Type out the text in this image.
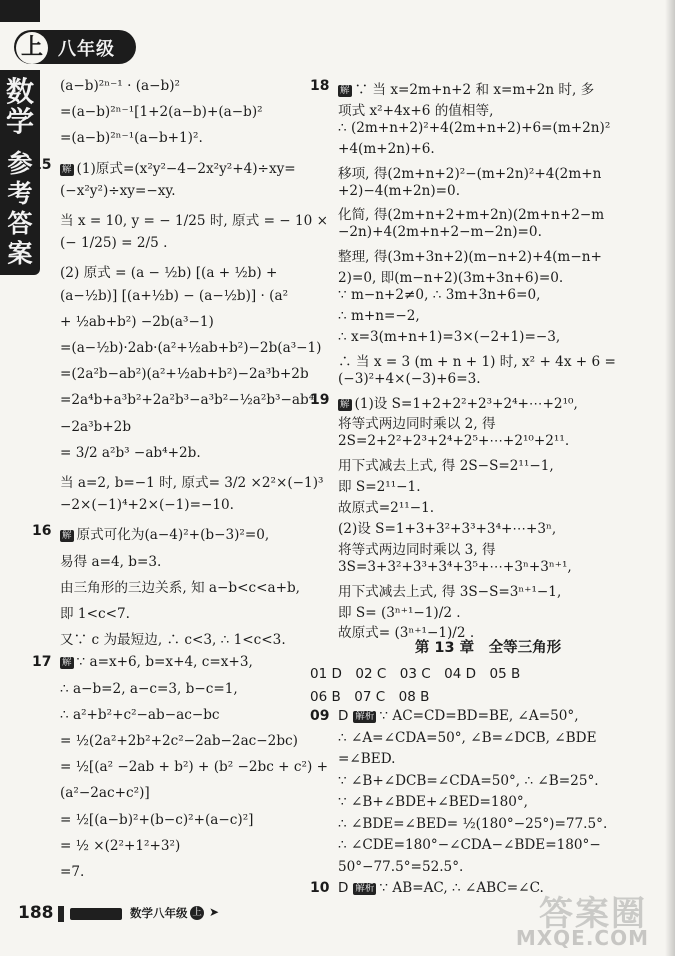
上 八年级
数
学
参
考
答
案
(a−b)²ⁿ⁻¹ · (a−b)²
=(a−b)²ⁿ⁻¹[1+2(a−b)+(a−b)²
=(a−b)²ⁿ⁻¹(a−b+1)².
15 解 (1)原式=(x²y²−4−2x²y²+4)÷xy=
(−x²y²)÷xy=−xy.
当 x = 10, y = − 1/25 时, 原式 = − 10 ×
(− 1/25) = 2/5 .
(2) 原式 = (a − ½b) [(a + ½b) +
(a−½b)] [(a+½b) − (a−½b)] · (a²
+ ½ab+b²) −2b(a³−1)
=(a−½b)·2ab·(a²+½ab+b²)−2b(a³−1)
=(2a²b−ab²)(a²+½ab+b²)−2a³b+2b
=2a⁴b+a³b²+2a²b³−a³b²−½a²b³−ab⁴
−2a³b+2b
= 3/2 a²b³ −ab⁴+2b.
当 a=2, b=−1 时, 原式= 3/2 ×2²×(−1)³
−2×(−1)⁴+2×(−1)=−10.
16 解 原式可化为(a−4)²+(b−3)²=0,
易得 a=4, b=3.
由三角形的三边关系, 知 a−b<c<a+b,
即 1<c<7.
又∵ c 为最短边, ∴ c<3, ∴ 1<c<3.
17 解 ∵ a=x+6, b=x+4, c=x+3,
∴ a−b=2, a−c=3, b−c=1,
∴ a²+b²+c²−ab−ac−bc
= ½(2a²+2b²+2c²−2ab−2ac−2bc)
= ½[(a² −2ab + b²) + (b² −2bc + c²) +
(a²−2ac+c²)]
= ½[(a−b)²+(b−c)²+(a−c)²]
= ½ ×(2²+1²+3²)
=7.
18 解 ∵ 当 x=2m+n+2 和 x=m+2n 时, 多
项式 x²+4x+6 的值相等,
∴ (2m+n+2)²+4(2m+n+2)+6=(m+2n)²
+4(m+2n)+6.
移项, 得(2m+n+2)²−(m+2n)²+4(2m+n
+2)−4(m+2n)=0.
化简, 得(2m+n+2+m+2n)(2m+n+2−m
−2n)+4(2m+n+2−m−2n)=0.
整理, 得(3m+3n+2)(m−n+2)+4(m−n+
2)=0, 即(m−n+2)(3m+3n+6)=0.
∵ m−n+2≠0, ∴ 3m+3n+6=0,
∴ m+n=−2,
∴ x=3(m+n+1)=3×(−2+1)=−3,
∴ 当 x = 3 (m + n + 1) 时, x² + 4x + 6 =
(−3)²+4×(−3)+6=3.
19 解 (1)设 S=1+2+2²+2³+2⁴+⋯+2¹⁰,
将等式两边同时乘以 2, 得
2S=2+2²+2³+2⁴+2⁵+⋯+2¹⁰+2¹¹.
用下式减去上式, 得 2S−S=2¹¹−1,
即 S=2¹¹−1.
故原式=2¹¹−1.
(2)设 S=1+3+3²+3³+3⁴+⋯+3ⁿ,
将等式两边同时乘以 3, 得
3S=3+3²+3³+3⁴+3⁵+⋯+3ⁿ+3ⁿ⁺¹,
用下式减去上式, 得 3S−S=3ⁿ⁺¹−1,
即 S= (3ⁿ⁺¹−1)/2 .
故原式= (3ⁿ⁺¹−1)/2 .
第 13 章　全等三角形
01 D　02 C　03 C　04 D　05 B
06 B　07 C　08 B
09 D 解析 ∵ AC=CD=BD=BE, ∠A=50°,
∴ ∠A=∠CDA=50°, ∠B=∠DCB, ∠BDE
=∠BED.
∵ ∠B+∠DCB=∠CDA=50°, ∴ ∠B=25°.
∵ ∠B+∠BDE+∠BED=180°,
∴ ∠BDE=∠BED= ½(180°−25°)=77.5°.
∴ ∠CDE=180°−∠CDA−∠BDE=180°−
50°−77.5°=52.5°.
10 D 解析 ∵ AB=AC, ∴ ∠ABC=∠C.
188	数学八年级 上 ➤	答案圈
MXQE.COM
